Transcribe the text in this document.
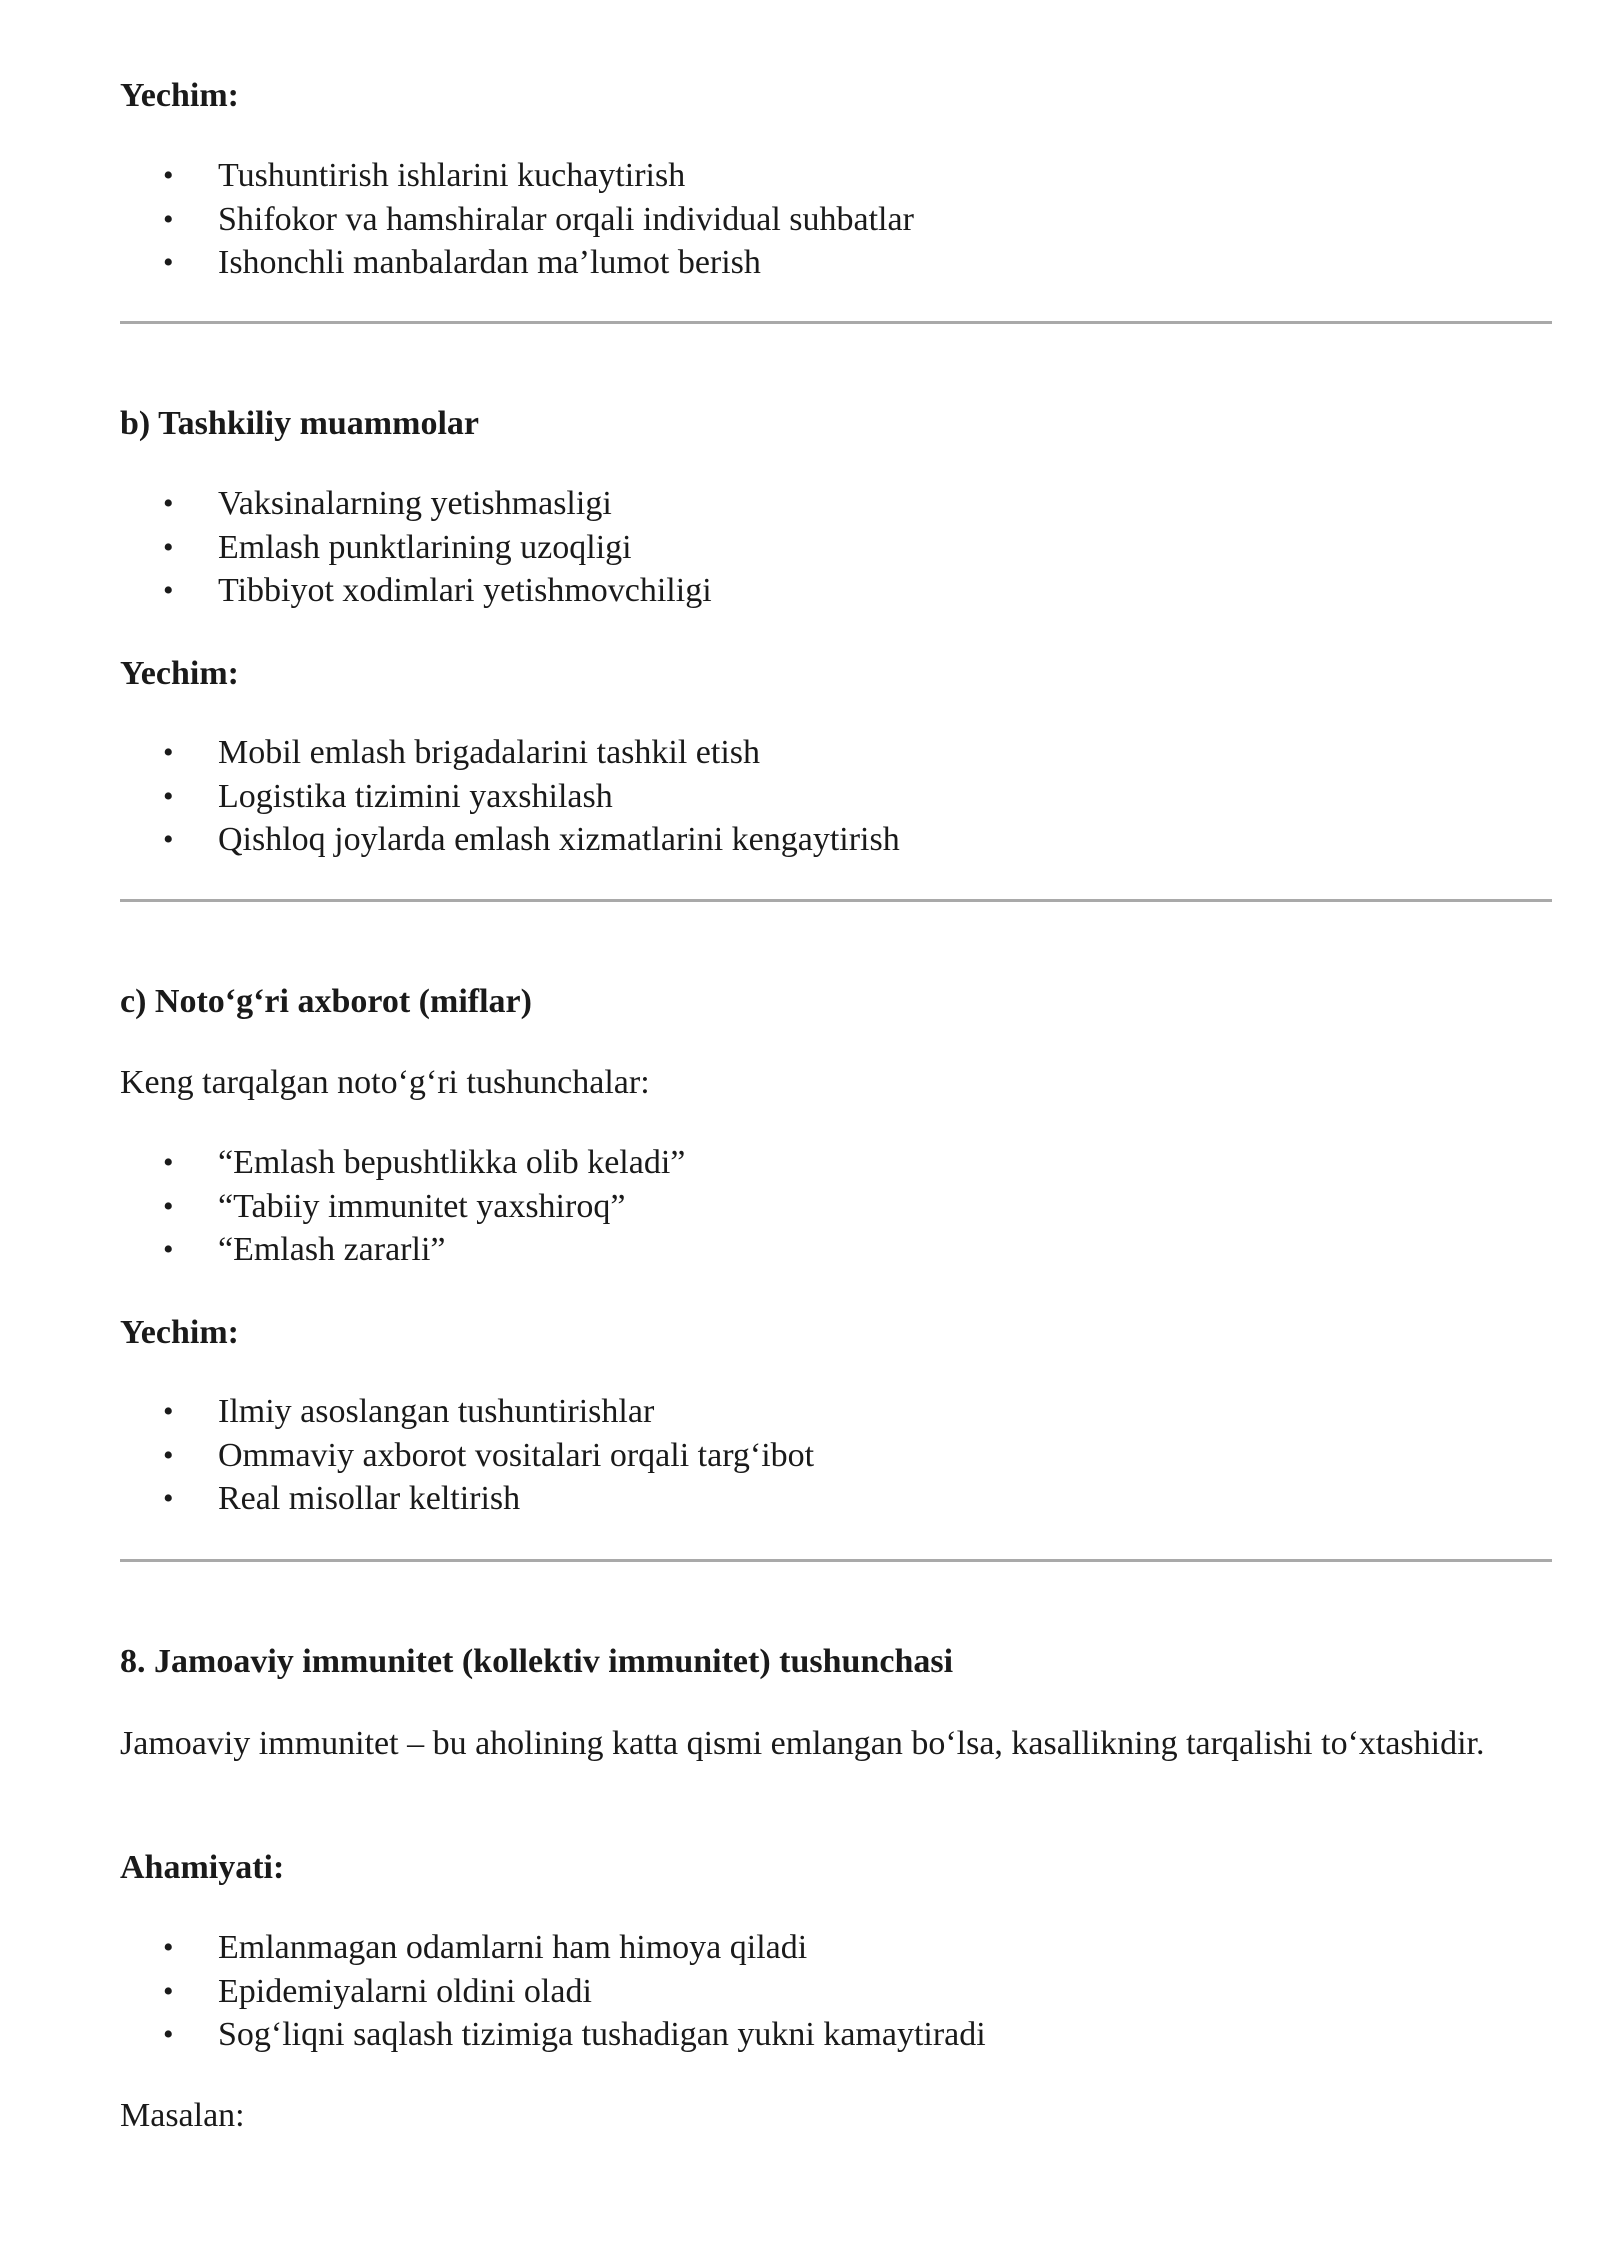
Yechim:
• Tushuntirish ishlarini kuchaytirish
• Shifokor va hamshiralar orqali individual suhbatlar
• Ishonchli manbalardan ma’lumot berish
b) Tashkiliy muammolar
• Vaksinalarning yetishmasligi
• Emlash punktlarining uzoqligi
• Tibbiyot xodimlari yetishmovchiligi
Yechim:
• Mobil emlash brigadalarini tashkil etish
• Logistika tizimini yaxshilash
• Qishloq joylarda emlash xizmatlarini kengaytirish
c) Noto‘g‘ri axborot (miflar)
Keng tarqalgan noto‘g‘ri tushunchalar:
• “Emlash bepushtlikka olib keladi”
• “Tabiiy immunitet yaxshiroq”
• “Emlash zararli”
Yechim:
• Ilmiy asoslangan tushuntirishlar
• Ommaviy axborot vositalari orqali targ‘ibot
• Real misollar keltirish
8. Jamoaviy immunitet (kollektiv immunitet) tushunchasi
Jamoaviy immunitet – bu aholining katta qismi emlangan bo‘lsa, kasallikning tarqalishi to‘xtashidir.
Ahamiyati:
• Emlanmagan odamlarni ham himoya qiladi
• Epidemiyalarni oldini oladi
• Sog‘liqni saqlash tizimiga tushadigan yukni kamaytiradi
Masalan:
